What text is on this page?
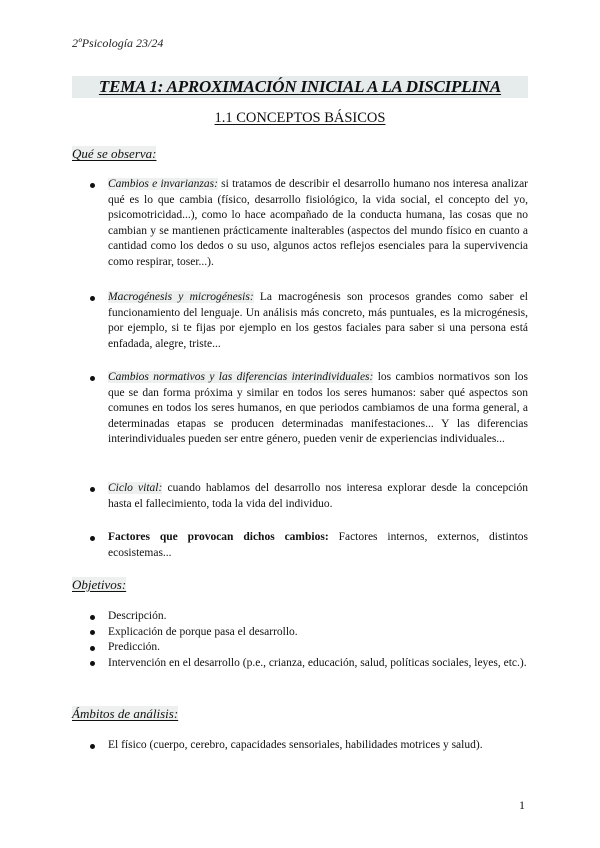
2ºPsicología 23/24
TEMA 1: APROXIMACIÓN INICIAL A LA DISCIPLINA
1.1 CONCEPTOS BÁSICOS
Qué se observa:
Cambios e invarianzas: si tratamos de describir el desarrollo humano nos interesa analizar qué es lo que cambia (físico, desarrollo fisiológico, la vida social, el concepto del yo, psicomotricidad...), como lo hace acompañado de la conducta humana, las cosas que no cambian y se mantienen prácticamente inalterables (aspectos del mundo físico en cuanto a cantidad como los dedos o su uso, algunos actos reflejos esenciales para la supervivencia como respirar, toser...).
Macrogénesis y microgénesis: La macrogénesis son procesos grandes como saber el funcionamiento del lenguaje. Un análisis más concreto, más puntuales, es la microgénesis, por ejemplo, si te fijas por ejemplo en los gestos faciales para saber si una persona está enfadada, alegre, triste...
Cambios normativos y las diferencias interindividuales: los cambios normativos son los que se dan forma próxima y similar en todos los seres humanos: saber qué aspectos son comunes en todos los seres humanos, en que periodos cambiamos de una forma general, a determinadas etapas se producen determinadas manifestaciones... Y las diferencias interindividuales pueden ser entre género, pueden venir de experiencias individuales...
Ciclo vital: cuando hablamos del desarrollo nos interesa explorar desde la concepción hasta el fallecimiento, toda la vida del individuo.
Factores que provocan dichos cambios: Factores internos, externos, distintos ecosistemas...
Objetivos:
Descripción.
Explicación de porque pasa el desarrollo.
Predicción.
Intervención en el desarrollo (p.e., crianza, educación, salud, políticas sociales, leyes, etc.).
Ámbitos de análisis:
El físico (cuerpo, cerebro, capacidades sensoriales, habilidades motrices y salud).
1
